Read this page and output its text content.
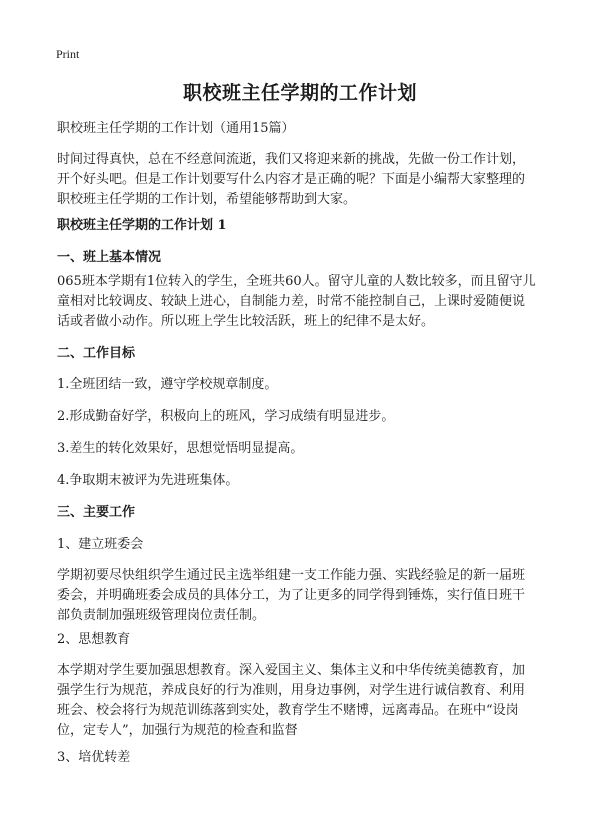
Print
职校班主任学期的工作计划
职校班主任学期的工作计划（通用15篇）
时间过得真快，总在不经意间流逝，我们又将迎来新的挑战，先做一份工作计划，
开个好头吧。但是工作计划要写什么内容才是正确的呢？下面是小编帮大家整理的
职校班主任学期的工作计划，希望能够帮助到大家。
职校班主任学期的工作计划 1
一、班上基本情况
065班本学期有1位转入的学生，全班共60人。留守儿童的人数比较多，而且留守儿
童相对比较调皮、较缺上进心，自制能力差，时常不能控制自己，上课时爱随便说
话或者做小动作。所以班上学生比较活跃，班上的纪律不是太好。
二、工作目标
1.全班团结一致，遵守学校规章制度。
2.形成勤奋好学，积极向上的班风，学习成绩有明显进步。
3.差生的转化效果好，思想觉悟明显提高。
4.争取期末被评为先进班集体。
三、主要工作
1、建立班委会
学期初要尽快组织学生通过民主选举组建一支工作能力强、实践经验足的新一届班
委会，并明确班委会成员的具体分工，为了让更多的同学得到锤炼，实行值日班干
部负责制加强班级管理岗位责任制。
2、思想教育
本学期对学生要加强思想教育。深入爱国主义、集体主义和中华传统美德教育，加
强学生行为规范，养成良好的行为准则，用身边事例，对学生进行诚信教育、利用
班会、校会将行为规范训练落到实处，教育学生不赌博，远离毒品。在班中“设岗
位，定专人”，加强行为规范的检查和监督
3、培优转差
